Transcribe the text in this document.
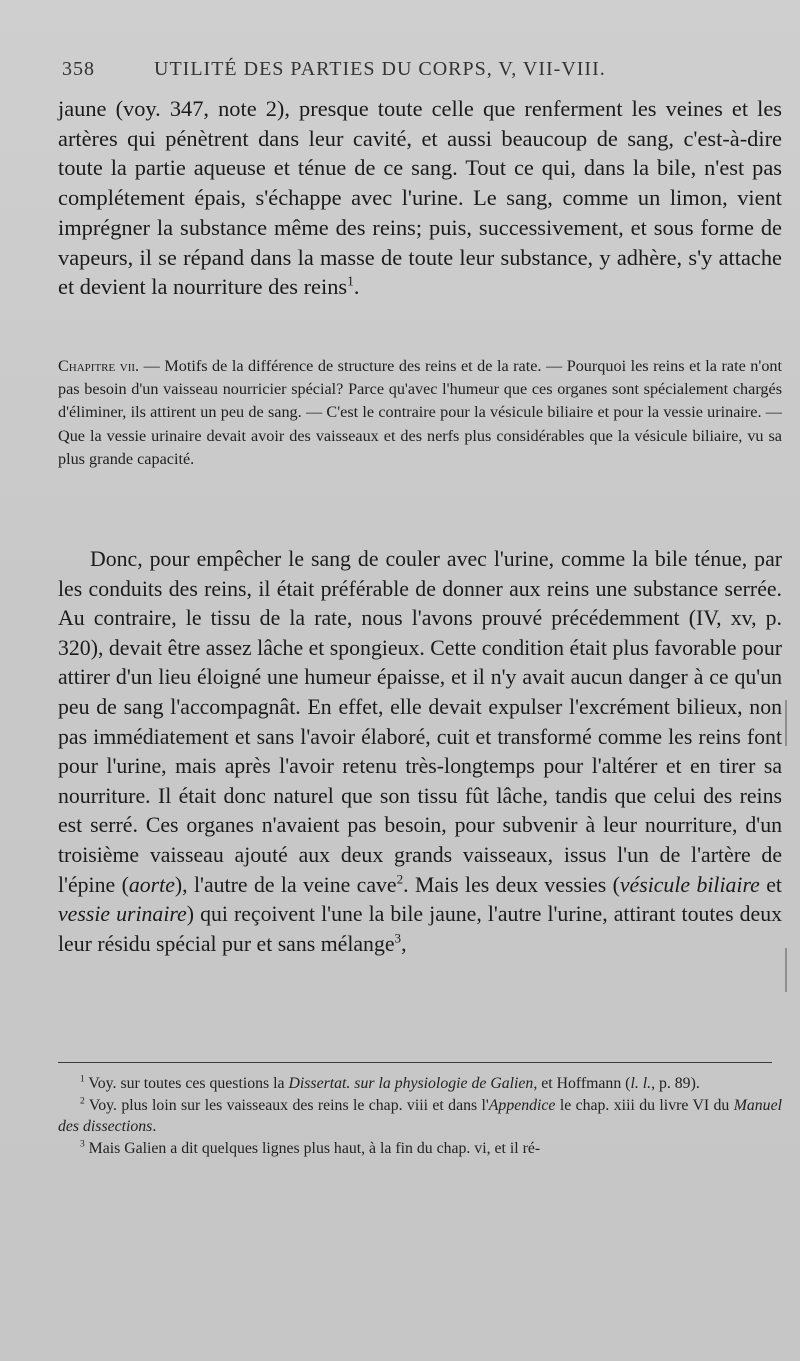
358	UTILITÉ DES PARTIES DU CORPS, V, VII-VIII.
jaune (voy. 347, note 2), presque toute celle que renferment les veines et les artères qui pénètrent dans leur cavité, et aussi beaucoup de sang, c'est-à-dire toute la partie aqueuse et ténue de ce sang. Tout ce qui, dans la bile, n'est pas complétement épais, s'échappe avec l'urine. Le sang, comme un limon, vient imprégner la substance même des reins; puis, successivement, et sous forme de vapeurs, il se répand dans la masse de toute leur substance, y adhère, s'y attache et devient la nourriture des reins$^1$.
Chapitre vii. — Motifs de la différence de structure des reins et de la rate. — Pourquoi les reins et la rate n'ont pas besoin d'un vaisseau nourricier spécial? Parce qu'avec l'humeur que ces organes sont spécialement chargés d'éliminer, ils attirent un peu de sang. — C'est le contraire pour la vésicule biliaire et pour la vessie urinaire. — Que la vessie urinaire devait avoir des vaisseaux et des nerfs plus considérables que la vésicule biliaire, vu sa plus grande capacité.
Donc, pour empêcher le sang de couler avec l'urine, comme la bile ténue, par les conduits des reins, il était préférable de donner aux reins une substance serrée. Au contraire, le tissu de la rate, nous l'avons prouvé précédemment (IV, xv, p. 320), devait être assez lâche et spongieux. Cette condition était plus favorable pour attirer d'un lieu éloigné une humeur épaisse, et il n'y avait aucun danger à ce qu'un peu de sang l'accompagnât. En effet, elle devait expulser l'excrément bilieux, non pas immédiatement et sans l'avoir élaboré, cuit et transformé comme les reins font pour l'urine, mais après l'avoir retenu très-longtemps pour l'altérer et en tirer sa nourriture. Il était donc naturel que son tissu fût lâche, tandis que celui des reins est serré. Ces organes n'avaient pas besoin, pour subvenir à leur nourriture, d'un troisième vaisseau ajouté aux deux grands vaisseaux, issus l'un de l'artère de l'épine (aorte), l'autre de la veine cave$^2$. Mais les deux vessies (vésicule biliaire et vessie urinaire) qui reçoivent l'une la bile jaune, l'autre l'urine, attirant toutes deux leur résidu spécial pur et sans mélange$^3$,
$^1$ Voy. sur toutes ces questions la Dissertat. sur la physiologie de Galien, et Hoffmann (l. l., p. 89).
$^2$ Voy. plus loin sur les vaisseaux des reins le chap. viii et dans l'Appendice le chap. xiii du livre VI du Manuel des dissections.
$^3$ Mais Galien a dit quelques lignes plus haut, à la fin du chap. vi, et il ré-
